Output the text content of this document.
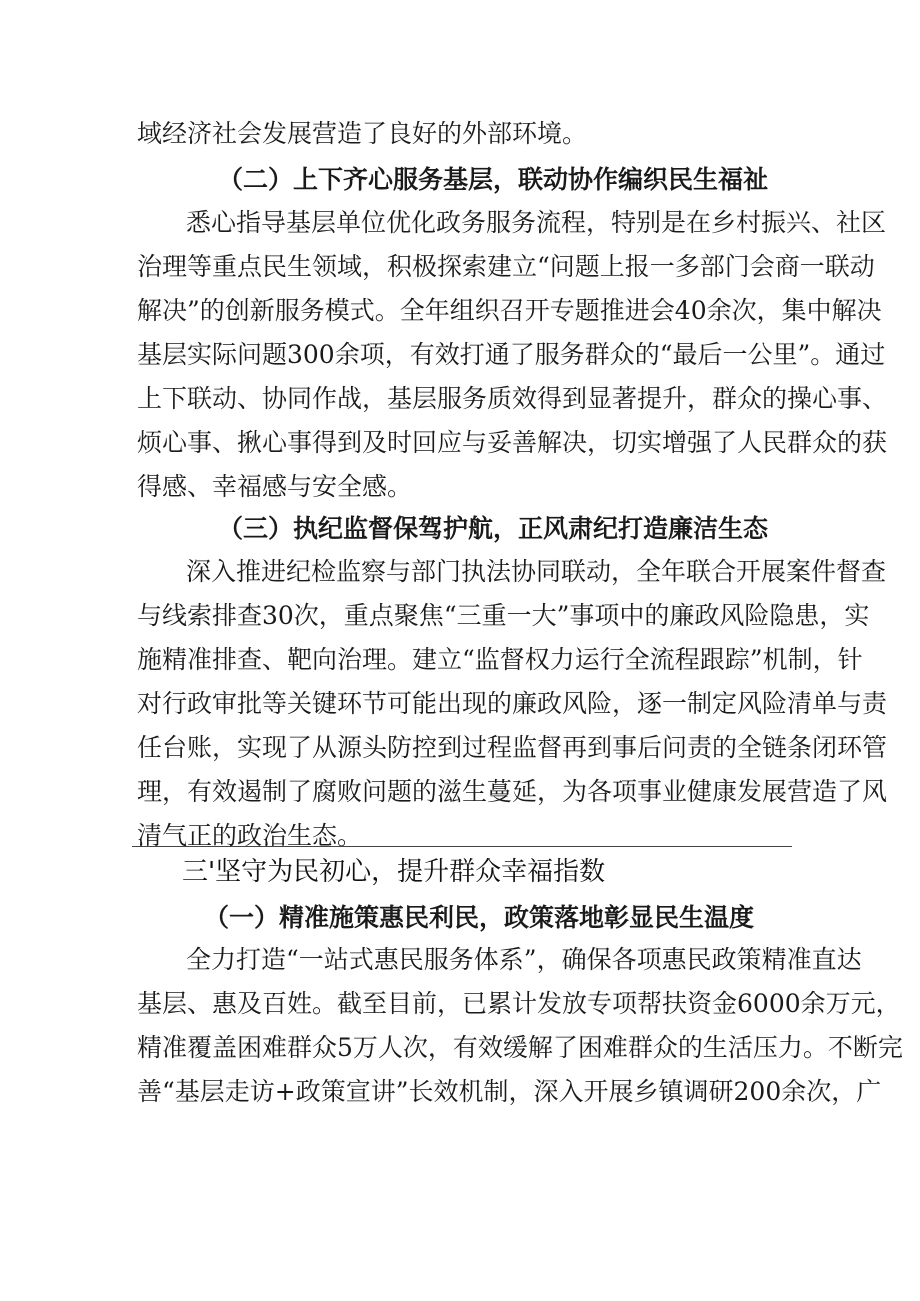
域经济社会发展营造了良好的外部环境。
（二）上下齐心服务基层，联动协作编织民生福祉
悉心指导基层单位优化政务服务流程，特别是在乡村振兴、社区
治理等重点民生领域，积极探索建立“问题上报一多部门会商一联动
解决”的创新服务模式。全年组织召开专题推进会40余次，集中解决
基层实际问题300余项，有效打通了服务群众的“最后一公里”。通过
上下联动、协同作战，基层服务质效得到显著提升，群众的操心事、
烦心事、揪心事得到及时回应与妥善解决，切实增强了人民群众的获
得感、幸福感与安全感。
（三）执纪监督保驾护航，正风肃纪打造廉洁生态
深入推进纪检监察与部门执法协同联动，全年联合开展案件督查
与线索排查30次，重点聚焦“三重一大”事项中的廉政风险隐患，实
施精准排查、靶向治理。建立“监督权力运行全流程跟踪”机制，针
对行政审批等关键环节可能出现的廉政风险，逐一制定风险清单与责
任台账，实现了从源头防控到过程监督再到事后问责的全链条闭环管
理，有效遏制了腐败问题的滋生蔓延，为各项事业健康发展营造了风
清气正的政治生态。
三'坚守为民初心，提升群众幸福指数
（一）精准施策惠民利民，政策落地彰显民生温度
全力打造“一站式惠民服务体系”，确保各项惠民政策精准直达
基层、惠及百姓。截至目前，已累计发放专项帮扶资金6000余万元，
精准覆盖困难群众5万人次，有效缓解了困难群众的生活压力。不断完
善“基层走访+政策宣讲”长效机制，深入开展乡镇调研200余次，广
